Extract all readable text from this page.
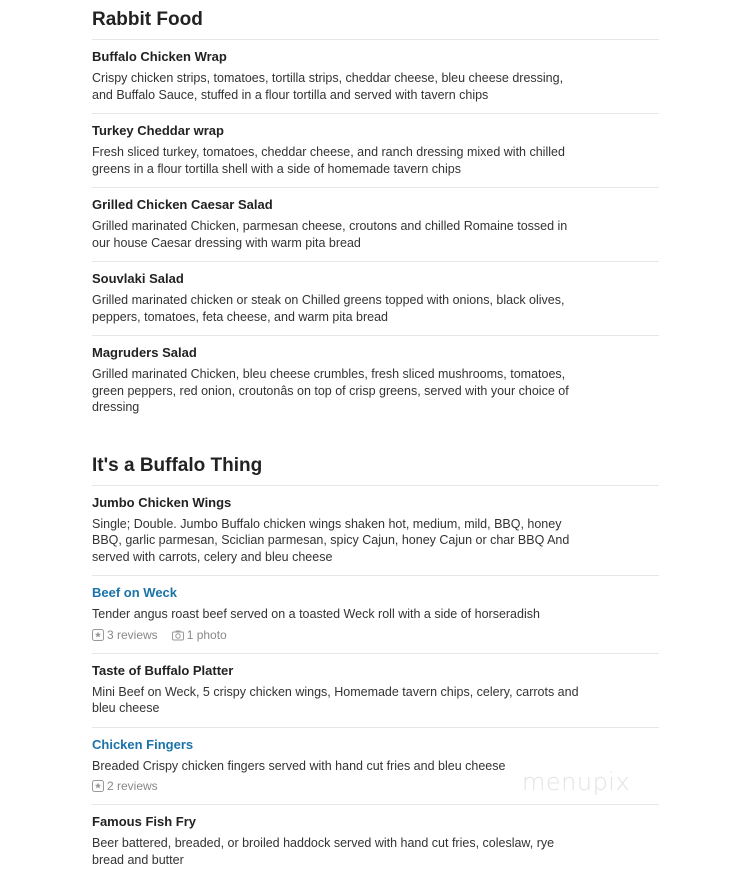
Rabbit Food
Buffalo Chicken Wrap

Crispy chicken strips, tomatoes, tortilla strips, cheddar cheese, bleu cheese dressing, and Buffalo Sauce, stuffed in a flour tortilla and served with tavern chips

Turkey Cheddar wrap

Fresh sliced turkey, tomatoes, cheddar cheese, and ranch dressing mixed with chilled greens in a flour tortilla shell with a side of homemade tavern chips

Grilled Chicken Caesar Salad

Grilled marinated Chicken, parmesan cheese, croutons and chilled Romaine tossed in our house Caesar dressing with warm pita bread

Souvlaki Salad

Grilled marinated chicken or steak on Chilled greens topped with onions, black olives, peppers, tomatoes, feta cheese, and warm pita bread

Magruders Salad

Grilled marinated Chicken, bleu cheese crumbles, fresh sliced mushrooms, tomatoes, green peppers, red onion, croutonâs on top of crisp greens, served with your choice of dressing

It's a Buffalo Thing
Jumbo Chicken Wings

Single; Double. Jumbo Buffalo chicken wings shaken hot, medium, mild, BBQ, honey BBQ, garlic parmesan, Sciclian parmesan, spicy Cajun, honey Cajun or char BBQ And served with carrots, celery and bleu cheese

Beef on Weck

Tender angus roast beef served on a toasted Weck roll with a side of horseradish

3 reviews 1 photo
Taste of Buffalo Platter

Mini Beef on Weck, 5 crispy chicken wings, Homemade tavern chips, celery, carrots and bleu cheese

Chicken Fingers

Breaded Crispy chicken fingers served with hand cut fries and bleu cheese

2 reviews
Famous Fish Fry

Beer battered, breaded, or broiled haddock served with hand cut fries, coleslaw, rye bread and butter

menupix
